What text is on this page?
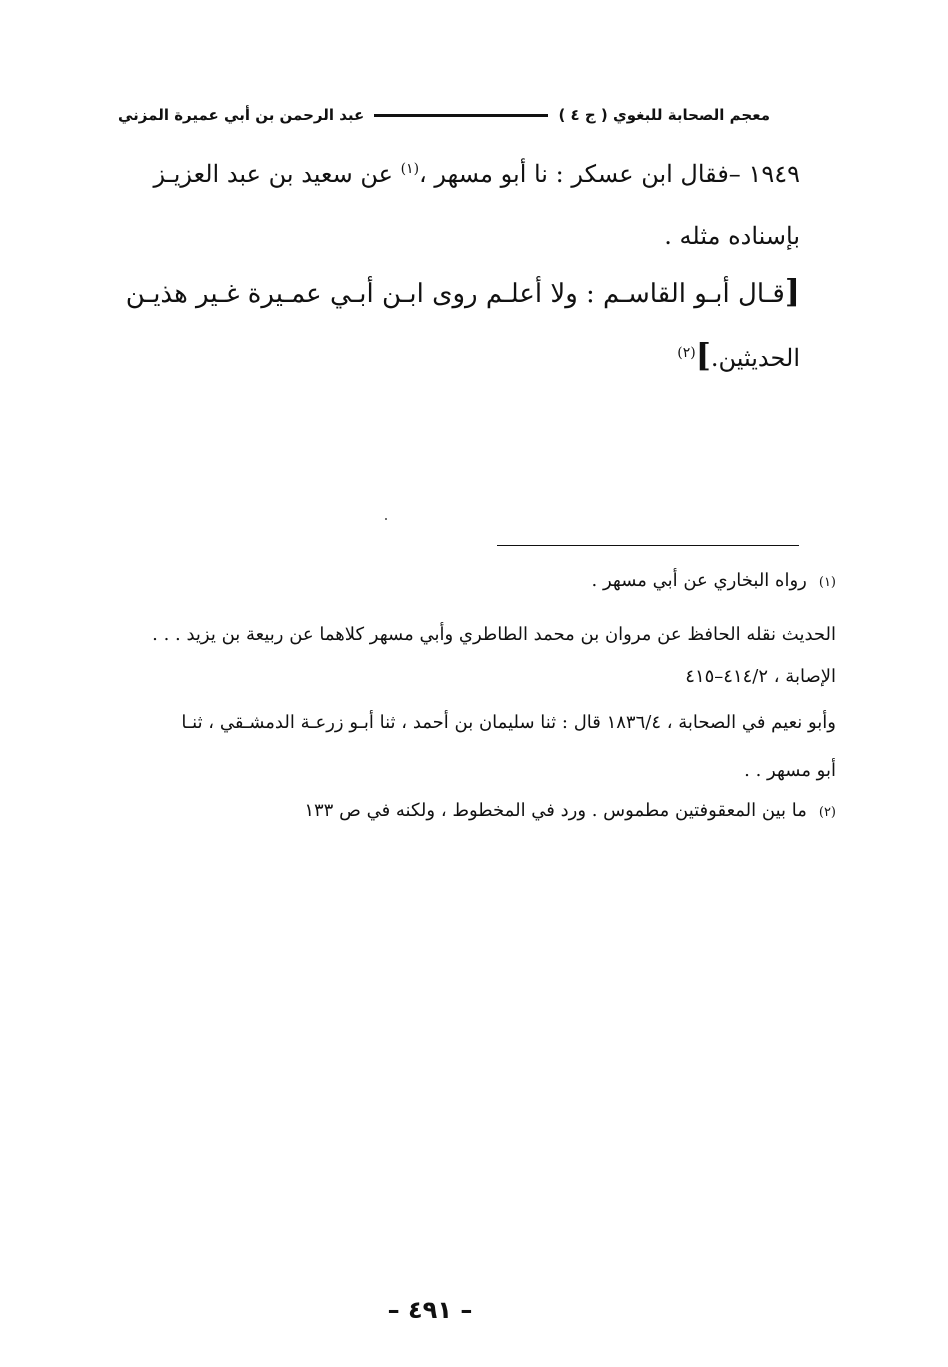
معجم الصحابة للبغوي ( ج ٤ )
عبد الرحمن بن أبي عميرة المزني
١٩٤٩ –فقال ابن عسكر : نا أبو مسهر ،$^{(١)}$ عن سعيد بن عبد العزيـز
بإسناده مثله .
[قـال أبـو القاسـم : ولا أعلـم روى ابـن أبـي عمـيرة غـير هذيـن
الحديثين.]$^{(٢)}$
(١)رواه البخاري عن أبي مسهر .
الحديث نقله الحافظ عن مروان بن محمد الطاطري وأبي مسهر كلاهما عن ربيعة بن يزيد . . .
الإصابة ، ٤١٤/٢–٤١٥
وأبو نعيم في الصحابة ، ١٨٣٦/٤ قال : ثنا سليمان بن أحمد ، ثنا أبـو زرعـة الدمشـقي ، ثنـا
أبو مسهر . .
(٢)ما بين المعقوفتين مطموس . ورد في المخطوط ، ولكنه في ص ١٣٣
– ٤٩١ –
